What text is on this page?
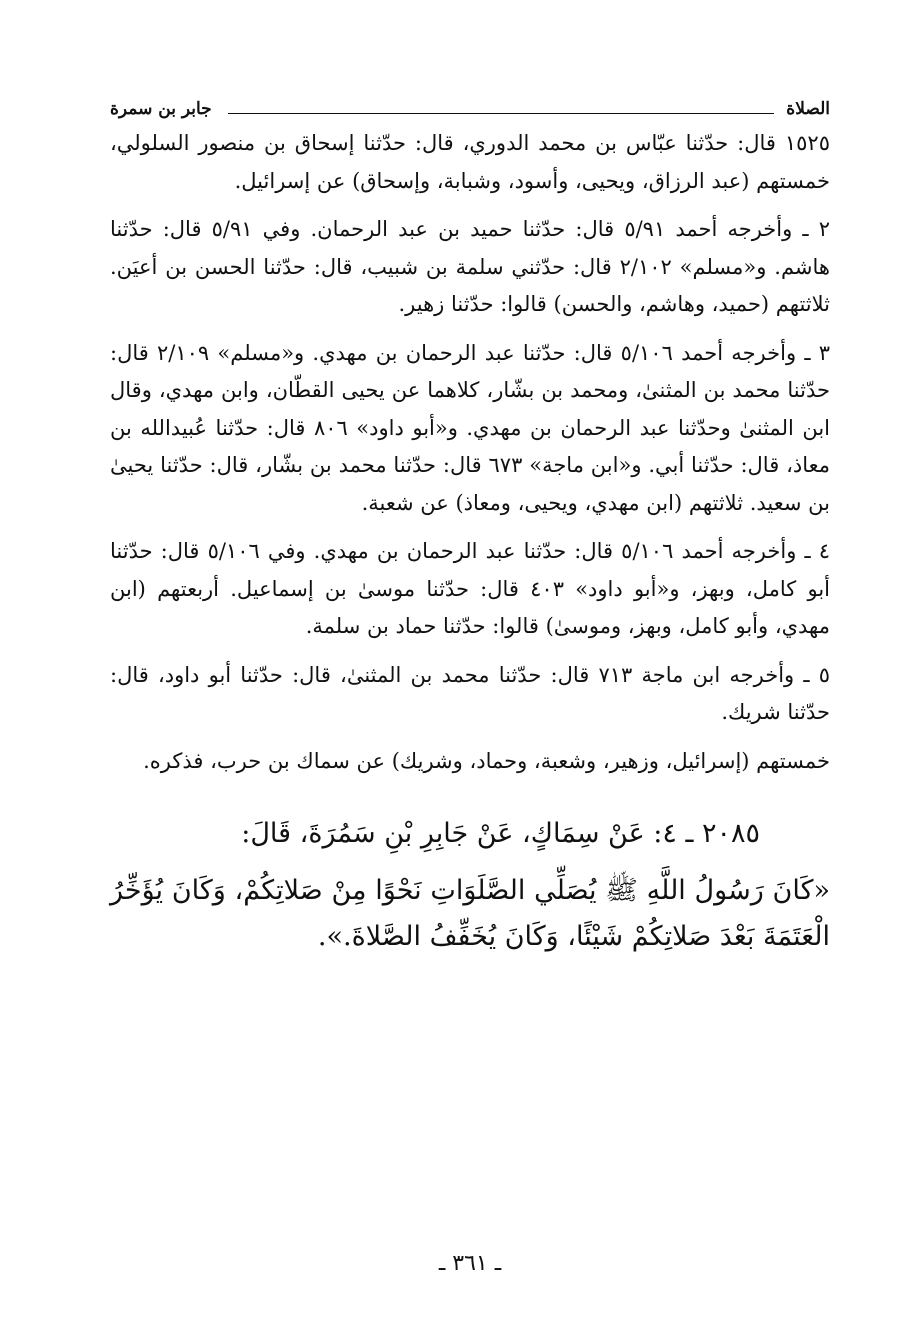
الصلاة
جابر بن سمرة

١٥٢٥ قال: حدّثنا عبّاس بن محمد الدوري، قال: حدّثنا إسحاق بن منصور السلولي، خمستهم (عبد الرزاق، ويحيى، وأسود، وشبابة، وإسحاق) عن إسرائيل.

٢ ـ وأخرجه أحمد ٥/٩١ قال: حدّثنا حميد بن عبد الرحمان. وفي ٥/٩١ قال: حدّثنا هاشم. و«مسلم» ٢/١٠٢ قال: حدّثني سلمة بن شبيب، قال: حدّثنا الحسن بن أعيَن. ثلاثتهم (حميد، وهاشم، والحسن) قالوا: حدّثنا زهير.

٣ ـ وأخرجه أحمد ٥/١٠٦ قال: حدّثنا عبد الرحمان بن مهدي. و«مسلم» ٢/١٠٩ قال: حدّثنا محمد بن المثنىٰ، ومحمد بن بشّار، كلاهما عن يحيى القطّان، وابن مهدي، وقال ابن المثنىٰ وحدّثنا عبد الرحمان بن مهدي. و«أبو داود» ٨٠٦ قال: حدّثنا عُبيدالله بن معاذ، قال: حدّثنا أبي. و«ابن ماجة» ٦٧٣ قال: حدّثنا محمد بن بشّار، قال: حدّثنا يحيىٰ بن سعيد. ثلاثتهم (ابن مهدي، ويحيى، ومعاذ) عن شعبة.

٤ ـ وأخرجه أحمد ٥/١٠٦ قال: حدّثنا عبد الرحمان بن مهدي. وفي ٥/١٠٦ قال: حدّثنا أبو كامل، وبهز، و«أبو داود» ٤٠٣ قال: حدّثنا موسىٰ بن إسماعيل. أربعتهم (ابن مهدي، وأبو كامل، وبهز، وموسىٰ) قالوا: حدّثنا حماد بن سلمة.

٥ ـ وأخرجه ابن ماجة ٧١٣ قال: حدّثنا محمد بن المثنىٰ، قال: حدّثنا أبو داود، قال: حدّثنا شريك.

خمستهم (إسرائيل، وزهير، وشعبة، وحماد، وشريك) عن سماك بن حرب، فذكره.

٢٠٨٥ ـ ٤: عَنْ سِمَاكٍ، عَنْ جَابِرِ بْنِ سَمُرَةَ، قَالَ:
«كَانَ رَسُولُ اللَّهِ ﷺ يُصَلِّي الصَّلَوَاتِ نَحْوًا مِنْ صَلاتِكُمْ، وَكَانَ يُؤَخِّرُ الْعَتَمَةَ بَعْدَ صَلاتِكُمْ شَيْئًا، وَكَانَ يُخَفِّفُ الصَّلاةَ.».
ـ ٣٦١ ـ
